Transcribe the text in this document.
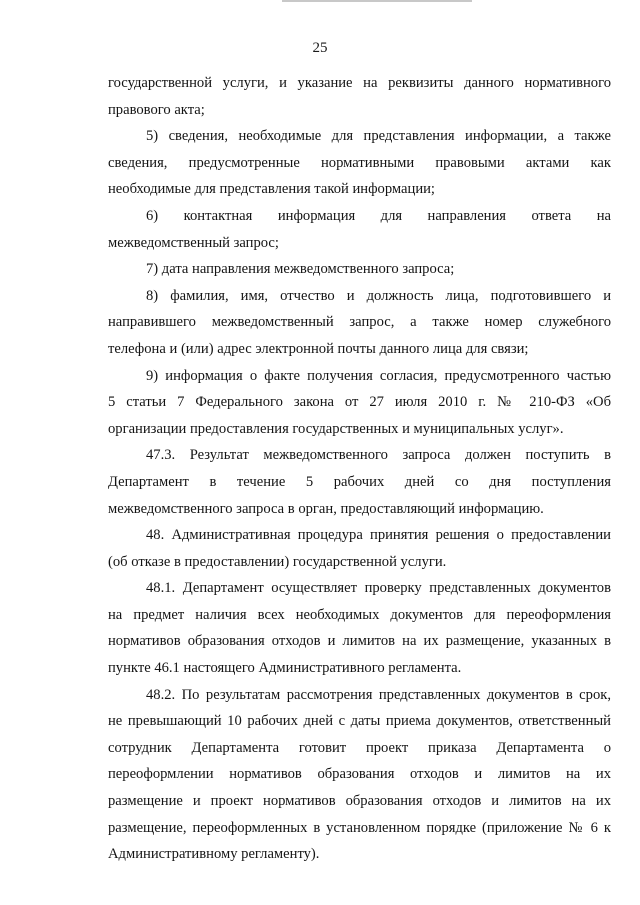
25
государственной услуги, и указание на реквизиты данного нормативного
правового акта;
5) сведения, необходимые для представления информации, а также
сведения, предусмотренные нормативными правовыми актами как
необходимые для представления такой информации;
6) контактная информация для направления ответа на
межведомственный запрос;
7) дата направления межведомственного запроса;
8) фамилия, имя, отчество и должность лица, подготовившего и
направившего межведомственный запрос, а также номер служебного
телефона и (или) адрес электронной почты данного лица для связи;
9) информация о факте получения согласия, предусмотренного частью
5 статьи 7 Федерального закона от 27 июля 2010 г. № 210-ФЗ «Об
организации предоставления государственных и муниципальных услуг».
47.3. Результат межведомственного запроса должен поступить в
Департамент в течение 5 рабочих дней со дня поступления
межведомственного запроса в орган, предоставляющий информацию.
48. Административная процедура принятия решения о предоставлении
(об отказе в предоставлении) государственной услуги.
48.1. Департамент осуществляет проверку представленных документов
на предмет наличия всех необходимых документов для переоформления
нормативов образования отходов и лимитов на их размещение, указанных в
пункте 46.1 настоящего Административного регламента.
48.2. По результатам рассмотрения представленных документов в срок,
не превышающий 10 рабочих дней с даты приема документов, ответственный
сотрудник Департамента готовит проект приказа Департамента о
переоформлении нормативов образования отходов и лимитов на их
размещение и проект нормативов образования отходов и лимитов на их
размещение, переоформленных в установленном порядке (приложение № 6 к
Административному регламенту).
